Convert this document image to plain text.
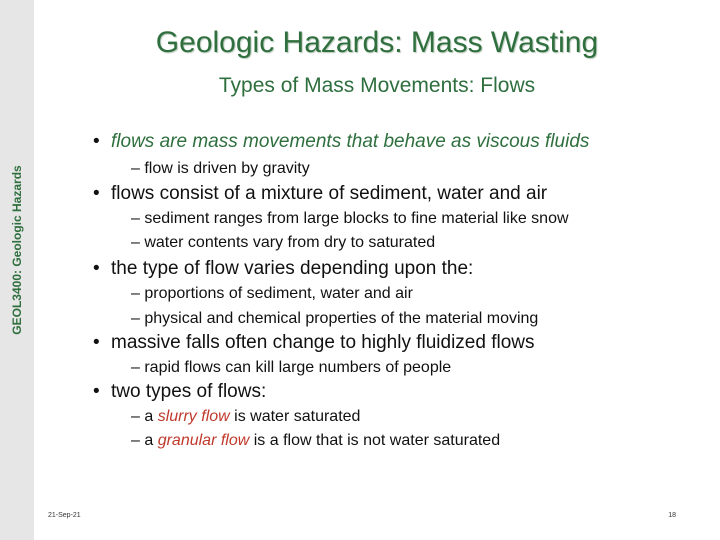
GEOL3400: Geologic Hazards
Geologic Hazards: Mass Wasting
Types of Mass Movements: Flows
• flows are mass movements that behave as viscous fluids
– flow is driven by gravity
• flows consist of a mixture of sediment, water and air
– sediment ranges from large blocks to fine material like snow
– water contents vary from dry to saturated
• the type of flow varies depending upon the:
– proportions of sediment, water and air
– physical and chemical properties of the material moving
• massive falls often change to highly fluidized flows
– rapid flows can kill large numbers of people
• two types of flows:
– a slurry flow is water saturated
– a granular flow is a flow that is not water saturated
21-Sep-21	18
